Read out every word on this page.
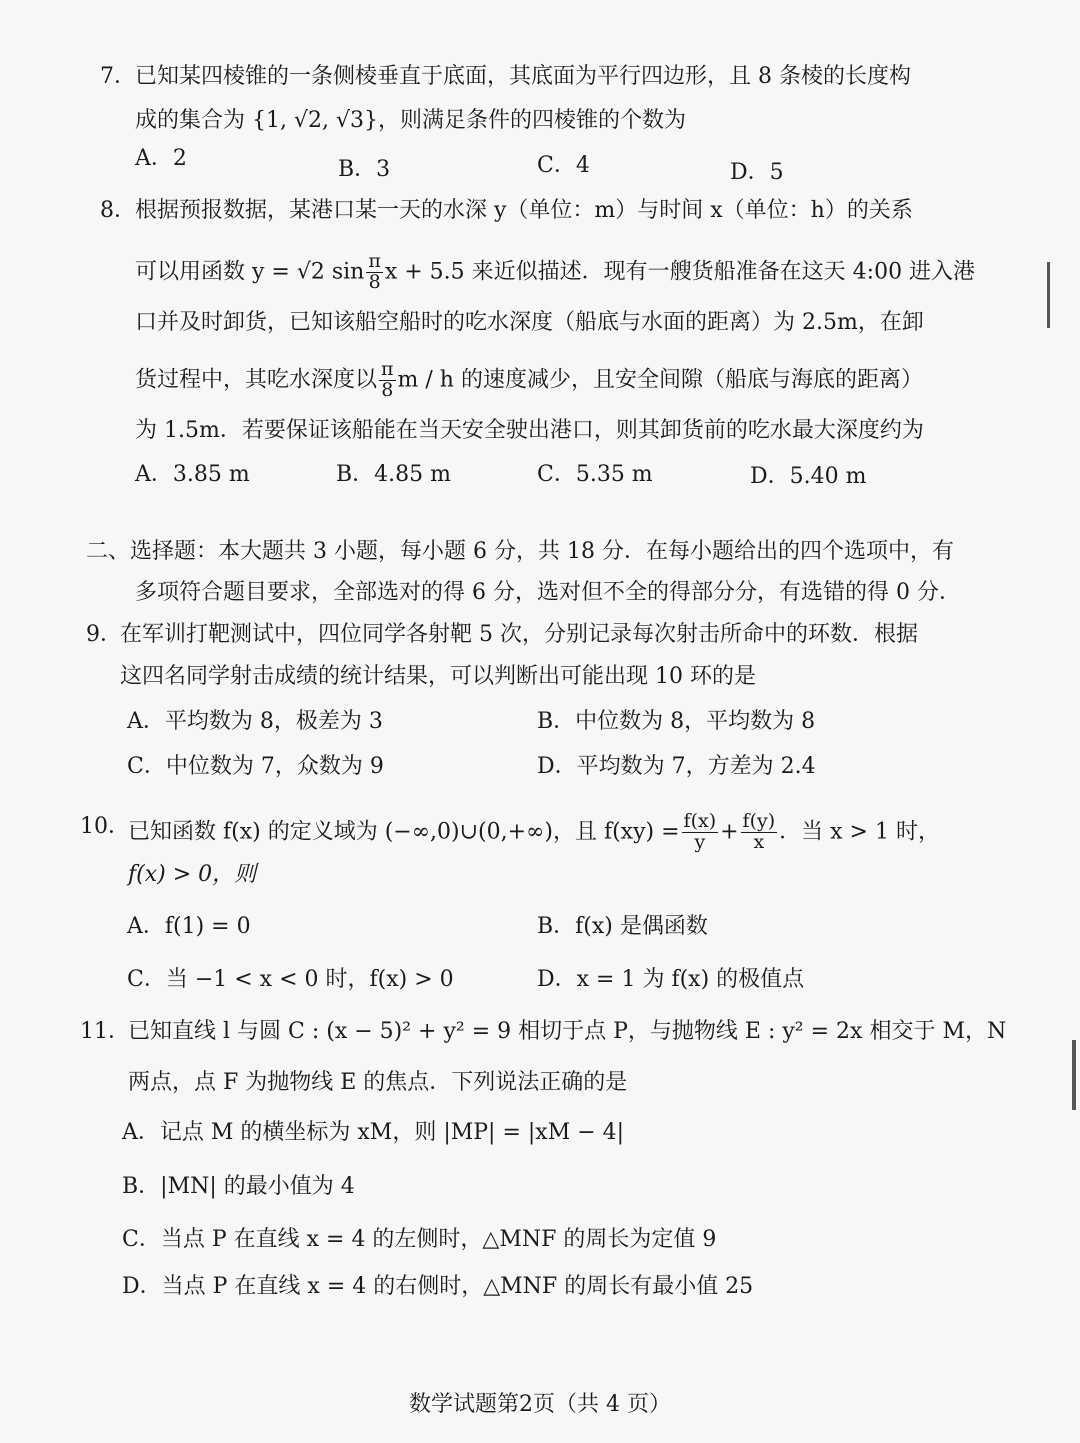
7． 已知某四棱锥的一条侧棱垂直于底面，其底面为平行四边形，且 8 条棱的长度构
成的集合为 {1, √2, √3}，则满足条件的四棱锥的个数为
A．2	B．3	C．4	D．5
8． 根据预报数据，某港口某一天的水深 y（单位：m）与时间 x（单位：h）的关系
可以用函数 y = √2 $\sin \frac{\pi}{8}$ x + 5.5 来近似描述．现有一艘货船准备在这天 4:00 进入港
口并及时卸货，已知该船空船时的吃水深度（船底与水面的距离）为 2.5m，在卸
货过程中，其吃水深度以 $\frac{\pi}{8}$ m / h 的速度减少，且安全间隙（船底与海底的距离）
为 1.5m．若要保证该船能在当天安全驶出港口，则其卸货前的吃水最大深度约为
A．3.85 m	B．4.85 m	C．5.35 m	D．5.40 m
二、选择题：本大题共 3 小题，每小题 6 分，共 18 分．在每小题给出的四个选项中，有
多项符合题目要求，全部选对的得 6 分，选对但不全的得部分分，有选错的得 0 分．
9．
在军训打靶测试中，四位同学各射靶 5 次，分别记录每次射击所命中的环数．根据
这四名同学射击成绩的统计结果，可以判断出可能出现 10 环的是
A．平均数为 8，极差为 3	B．中位数为 8，平均数为 8
C．中位数为 7，众数为 9	D．平均数为 7，方差为 2.4
10．
已知函数 f(x) 的定义域为 (−∞,0)∪(0,+∞)，且 $f(xy) = \frac{f(x)}{y} + \frac{f(y)}{x}$ ．当 x > 1 时，
f(x) > 0，则
A．f(1) = 0	B．f(x) 是偶函数
C．当 −1 < x < 0 时，f(x) > 0	D．x = 1 为 f(x) 的极值点
11．
已知直线 l 与圆 C : (x − 5)² + y² = 9 相切于点 P，与抛物线 E : y² = 2x 相交于 M，N
两点，点 F 为抛物线 E 的焦点．下列说法正确的是
A．记点 M 的横坐标为 xM，则 |MP| = |xM − 4|
B．|MN| 的最小值为 4
C．当点 P 在直线 x = 4 的左侧时，△MNF 的周长为定值 9
D．当点 P 在直线 x = 4 的右侧时，△MNF 的周长有最小值 25
数学试题第2页（共 4 页）
